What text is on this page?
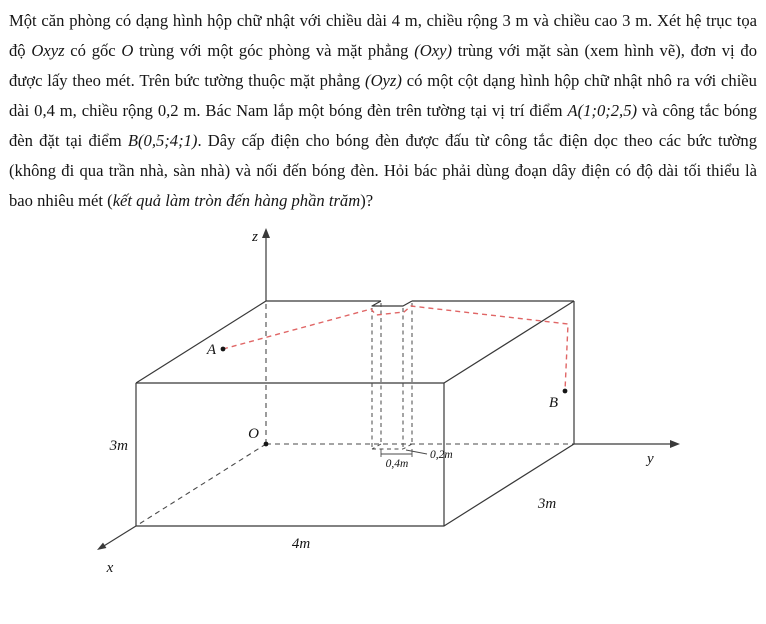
Một căn phòng có dạng hình hộp chữ nhật với chiều dài 4 m, chiều rộng 3 m và chiều cao 3 m. Xét hệ trục tọa độ Oxyz có gốc O trùng với một góc phòng và mặt phẳng (Oxy) trùng với mặt sàn (xem hình vẽ), đơn vị đo được lấy theo mét. Trên bức tường thuộc mặt phẳng (Oyz) có một cột dạng hình hộp chữ nhật nhô ra với chiều dài 0,4 m, chiều rộng 0,2 m. Bác Nam lắp một bóng đèn trên tường tại vị trí điểm A(1;0;2,5) và công tắc bóng đèn đặt tại điểm B(0,5;4;1). Dây cấp điện cho bóng đèn được đấu từ công tắc điện dọc theo các bức tường (không đi qua trần nhà, sàn nhà) và nối đến bóng đèn. Hỏi bác phải dùng đoạn dây điện có độ dài tối thiểu là bao nhiêu mét (kết quả làm tròn đến hàng phần trăm)?

z
y
x
A
O
B
3m
4m
3m
0,4m
0,2m
